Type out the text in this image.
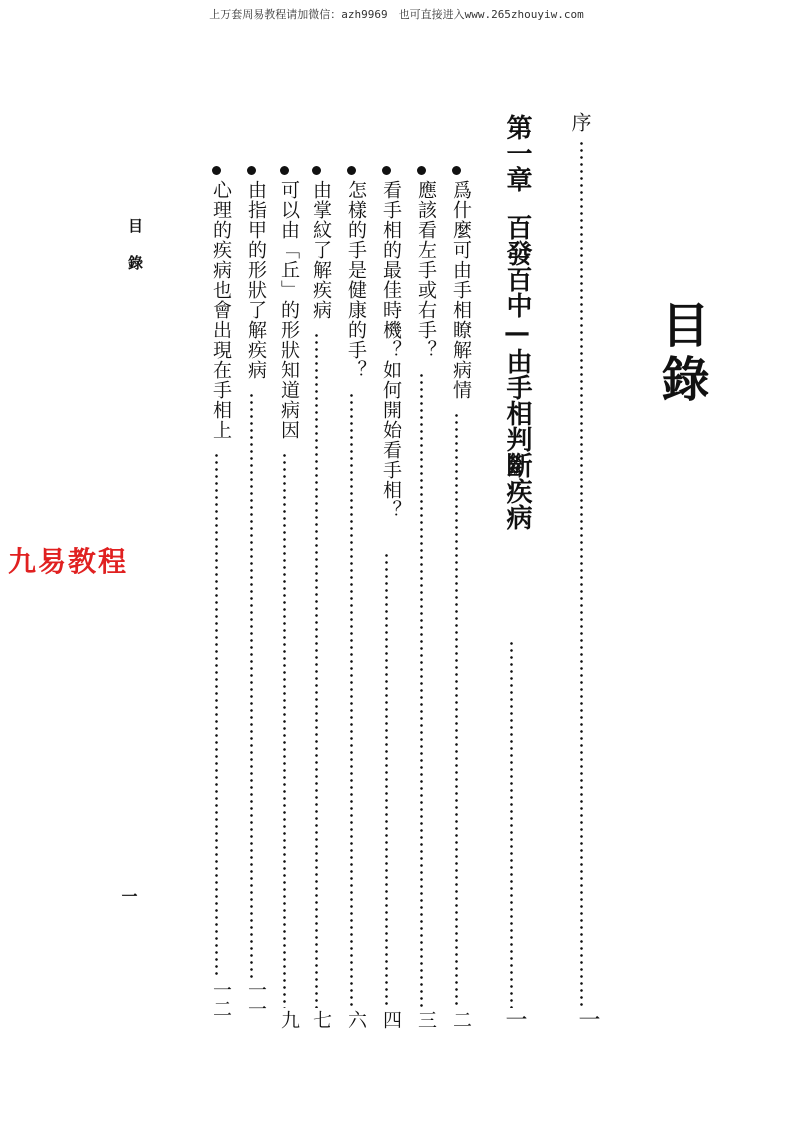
上万套周易教程请加微信：azh9969　也可直接进入www.265zhouyiw.com
目錄
序
一
第一章百發百中—由手相判斷疾病
一
爲什麼可由手相瞭解病情
二
應該看左手或右手？
三
看手相的最佳時機？如何開始看手相？
四
怎樣的手是健康的手？
六
由掌紋了解疾病
七
可以由「丘」的形狀知道病因
九
由指甲的形狀了解疾病
一一
心理的疾病也會出現在手相上
一二
目錄
一
九易教程
